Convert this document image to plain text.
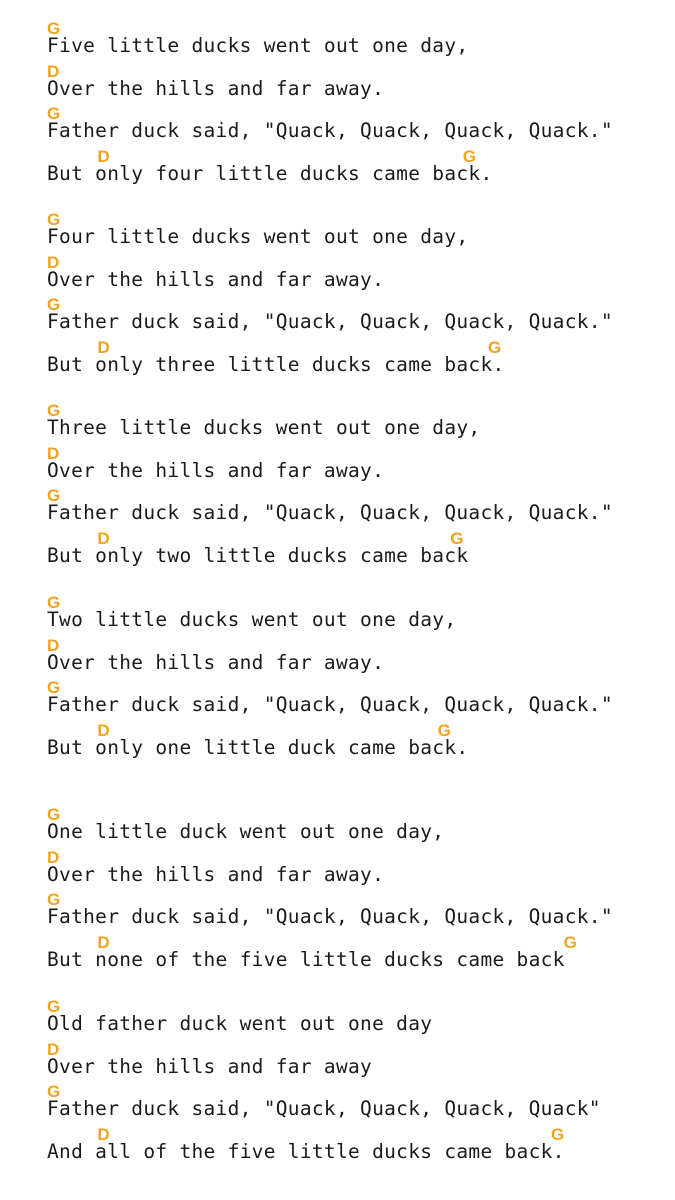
G
Five little ducks went out one day,
D
Over the hills and far away.
G
Father duck said, "Quack, Quack, Quack, Quack."
D	G
But only four little ducks came back.
G
Four little ducks went out one day,
D
Over the hills and far away.
G
Father duck said, "Quack, Quack, Quack, Quack."
D	G
But only three little ducks came back.
G
Three little ducks went out one day,
D
Over the hills and far away.
G
Father duck said, "Quack, Quack, Quack, Quack."
D	G
But only two little ducks came back
G
Two little ducks went out one day,
D
Over the hills and far away.
G
Father duck said, "Quack, Quack, Quack, Quack."
D	G
But only one little duck came back.
G
One little duck went out one day,
D
Over the hills and far away.
G
Father duck said, "Quack, Quack, Quack, Quack."
D	G
But none of the five little ducks came back
G
Old father duck went out one day
D
Over the hills and far away
G
Father duck said, "Quack, Quack, Quack, Quack"
D	G
And all of the five little ducks came back.
